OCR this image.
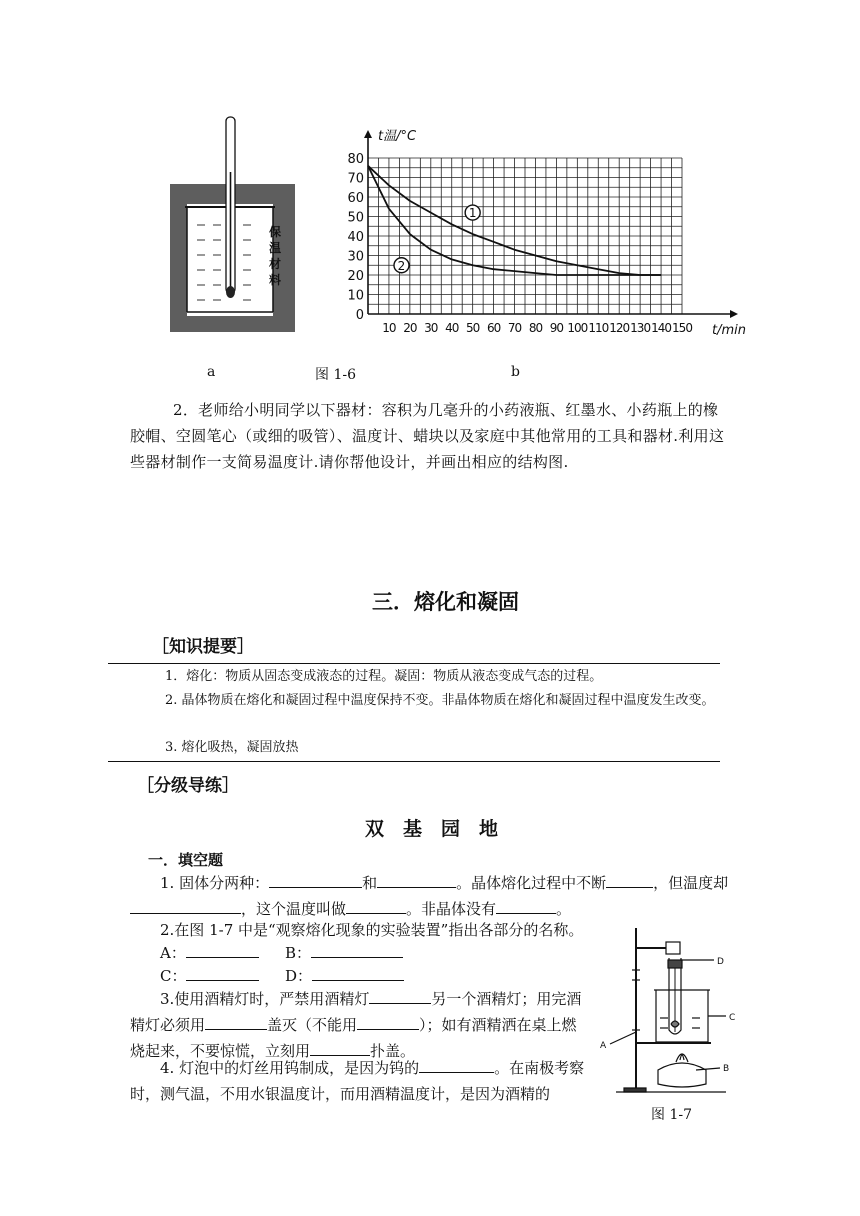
保 温 材 料
0
10
20
30
40
50
60
70
80
10 20 30 40 50 60 70 80 90 100 110 120 130 140 150
t温/°C
t/min
1
2
a	图 1-6	b
2．老师给小明同学以下器材：容积为几毫升的小药液瓶、红墨水、小药瓶上的橡胶帽、空圆笔心（或细的吸管）、温度计、蜡块以及家庭中其他常用的工具和器材.利用这些器材制作一支简易温度计.请你帮他设计，并画出相应的结构图.
三．熔化和凝固
［知识提要］
1．熔化：物质从固态变成液态的过程。凝固：物质从液态变成气态的过程。
2. 晶体物质在熔化和凝固过程中温度保持不变。非晶体物质在熔化和凝固过程中温度发生改变。
3. 熔化吸热，凝固放热
［分级导练］
双　基　园　地
一．填空题
1. 固体分两种：	和	。晶体熔化过程中不断	，但温度却，这个温度叫做	。非晶体没有	。
2.在图 1-7 中是“观察熔化现象的实验装置”指出各部分的名称。
A：	B：
C：	D：
3.使用酒精灯时，严禁用酒精灯	另一个酒精灯；用完酒精灯必须用	盖灭（不能用	）；如有酒精洒在桌上燃烧起来，不要惊慌，立刻用	扑盖。
4. 灯泡中的灯丝用钨制成，是因为钨的	。在南极考察时，测气温，不用水银温度计，而用酒精温度计，是因为酒精的
D
C
A
B
图 1-7
